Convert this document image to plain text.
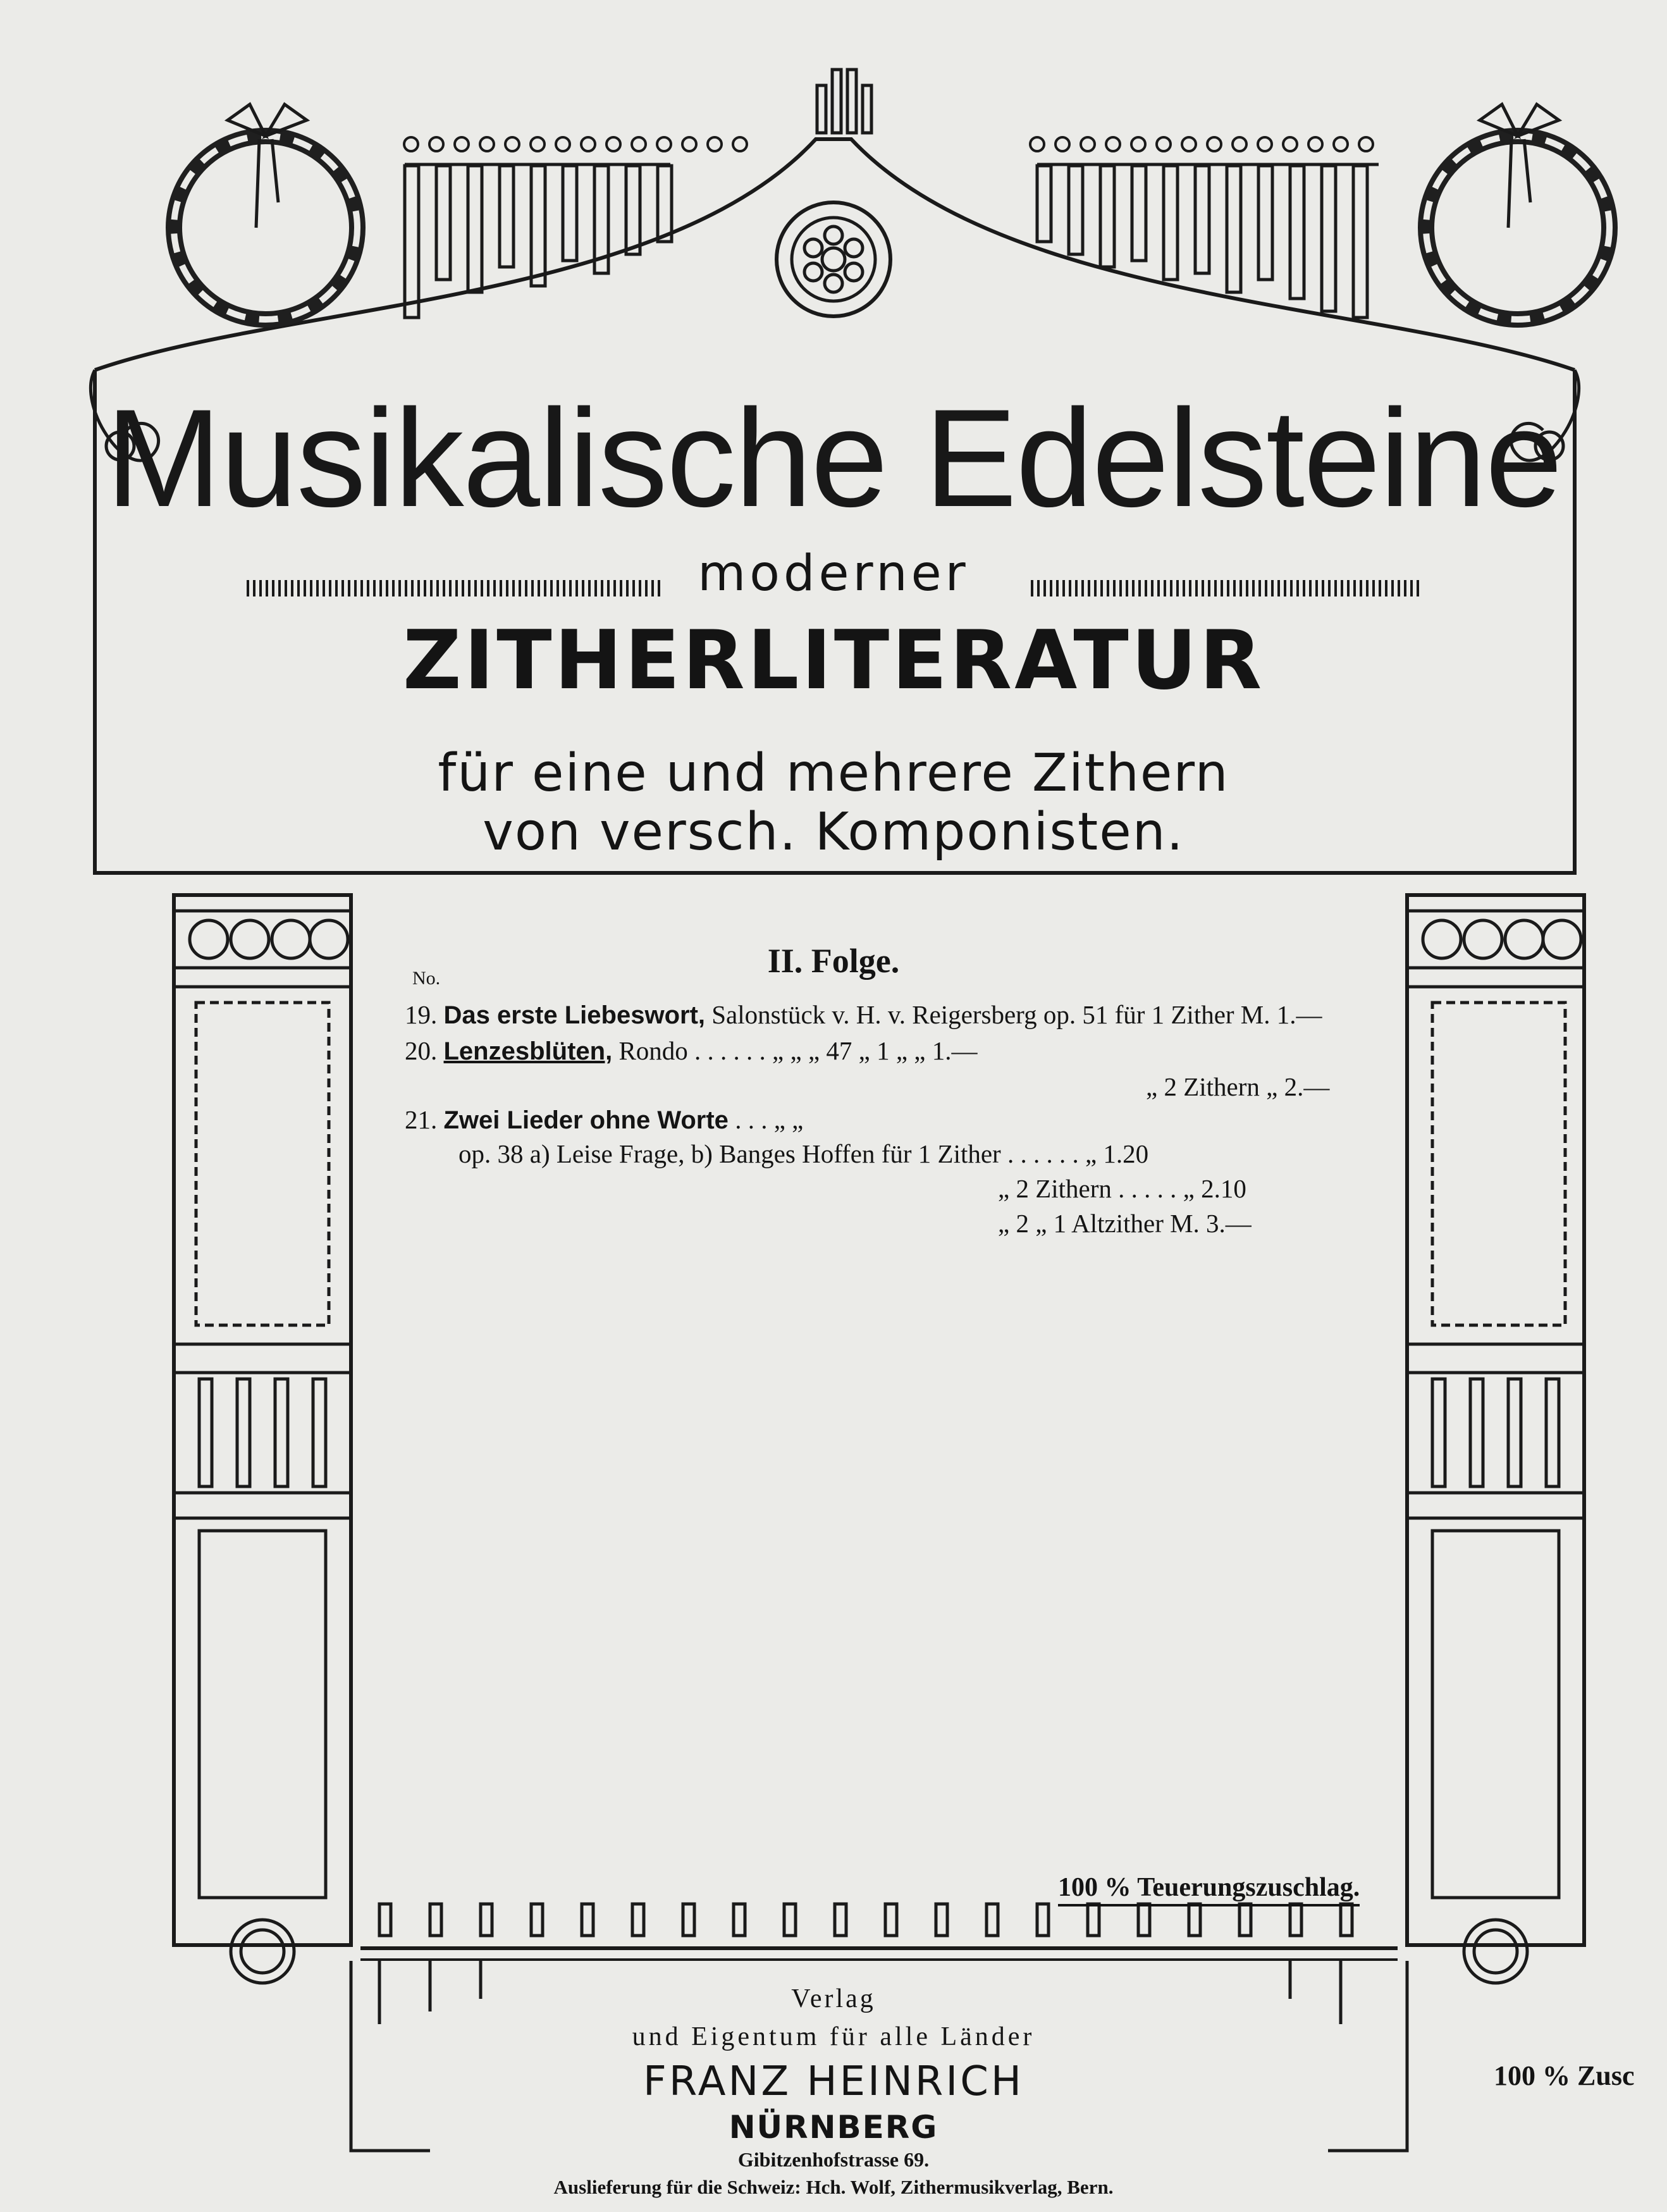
Musikalische Edelsteine
moderner
ZITHERLITERATUR
für eine und mehrere Zithern
von versch. Komponisten.
II. Folge.
No.
19. Das erste Liebeswort, Salonstück v. H. v. Reigersberg op. 51 für 1 Zither M. 1.—
20. Lenzesblüten, Rondo . . . . . . „ „ „ 47 „ 1 „ „ 1.—
„ 2 Zithern „ 2.—
21. Zwei Lieder ohne Worte . . . „ „
op. 38 a) Leise Frage, b) Banges Hoffen für 1 Zither . . . . . . „ 1.20
„ 2 Zithern . . . . . „ 2.10
„ 2 „ 1 Altzither M. 3.—
100 % Teuerungszuschlag.
100 % Zusc
Verlag
und Eigentum für alle Länder
FRANZ HEINRICH
NÜRNBERG
Gibitzenhofstrasse 69.
Auslieferung für die Schweiz: Hch. Wolf, Zithermusikverlag, Bern.
